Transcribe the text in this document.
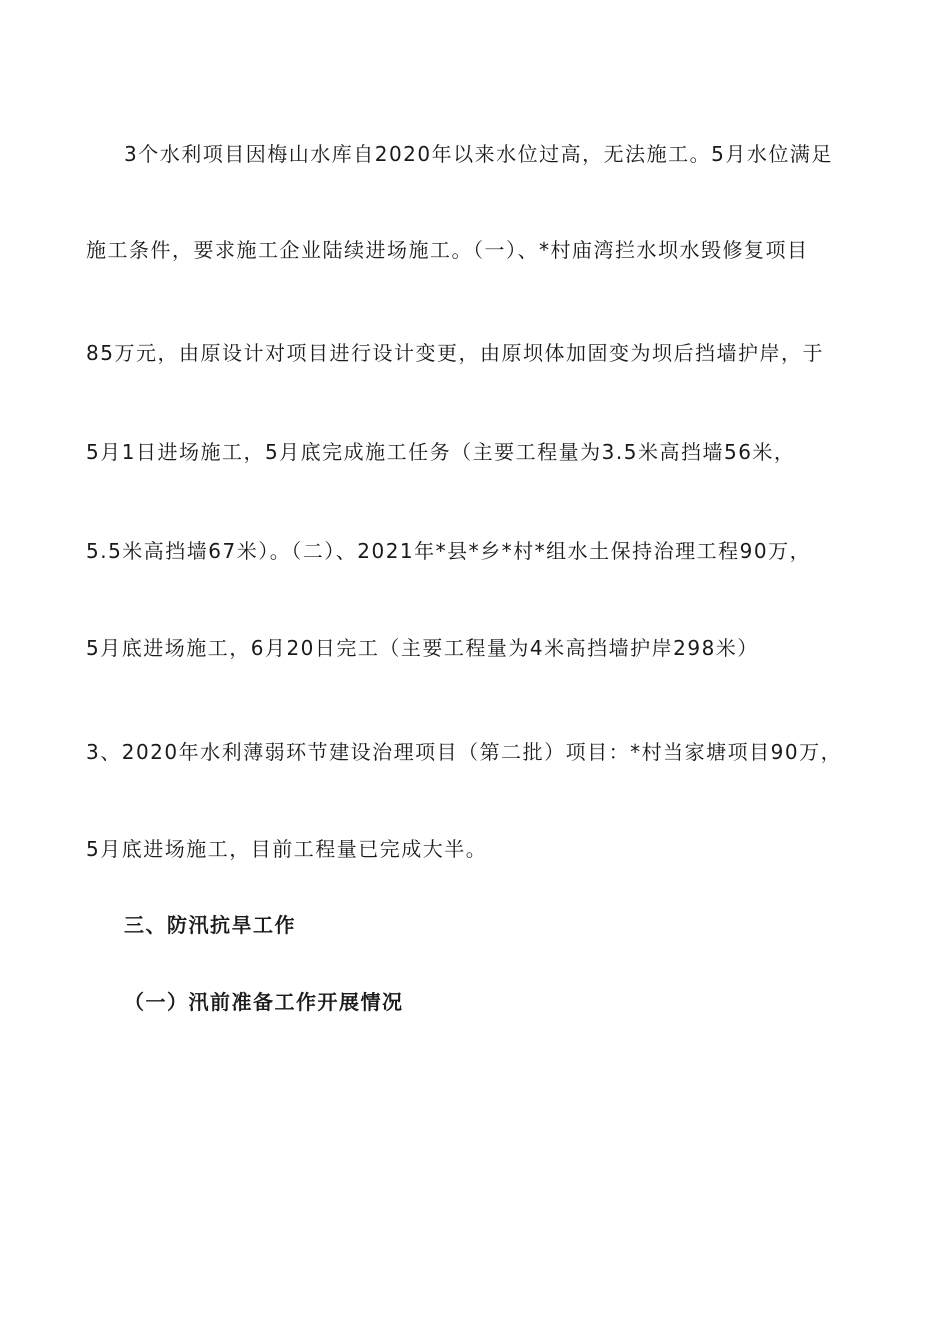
3个水利项目因梅山水库自2020年以来水位过高，无法施工。5月水位满足
施工条件，要求施工企业陆续进场施工。（一）、*村庙湾拦水坝水毁修复项目
85万元，由原设计对项目进行设计变更，由原坝体加固变为坝后挡墙护岸，于
5月1日进场施工，5月底完成施工任务（主要工程量为3.5米高挡墙56米，
5.5米高挡墙67米）。（二）、2021年*县*乡*村*组水土保持治理工程90万，
5月底进场施工，6月20日完工（主要工程量为4米高挡墙护岸298米）
3、2020年水利薄弱环节建设治理项目（第二批）项目：*村当家塘项目90万，
5月底进场施工，目前工程量已完成大半。
三、防汛抗旱工作
（一）汛前准备工作开展情况
